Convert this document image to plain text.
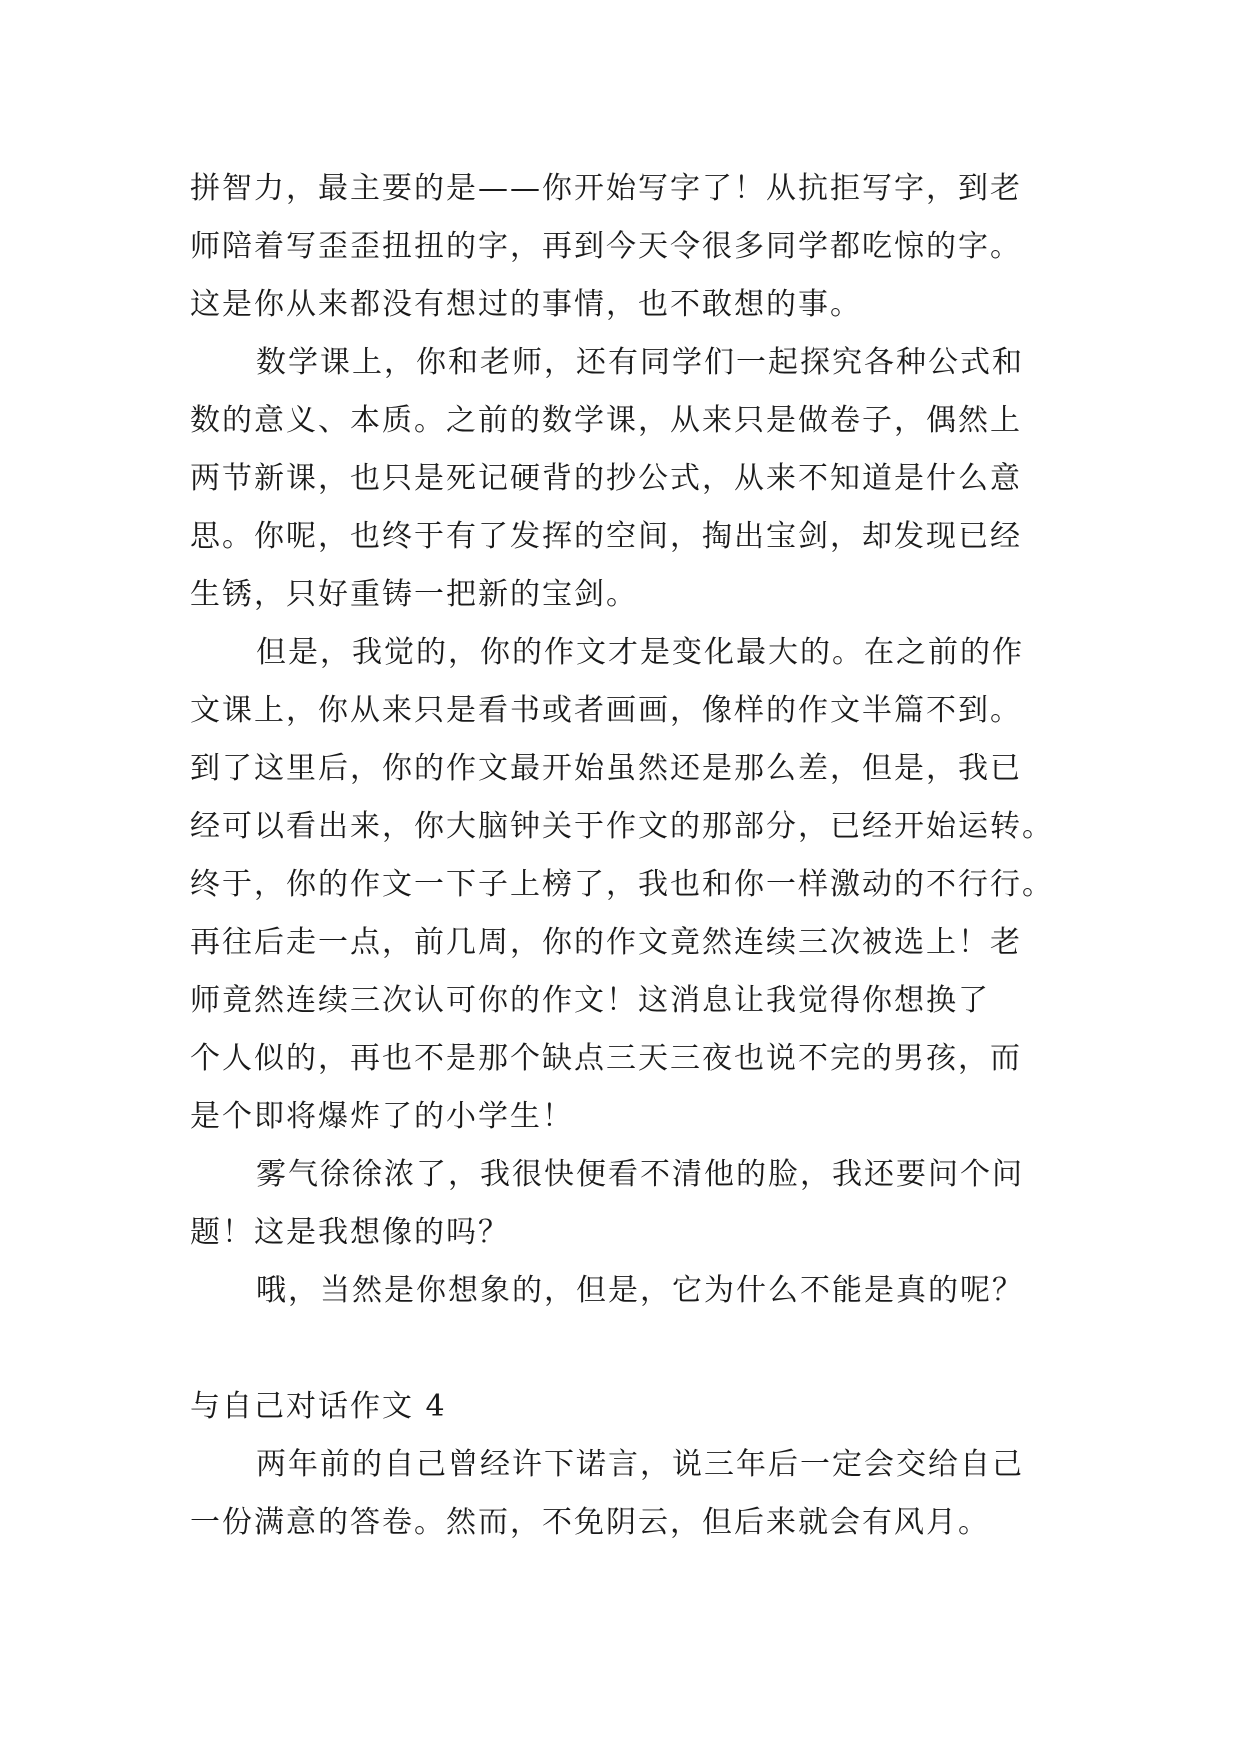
拼智力，最主要的是——你开始写字了！从抗拒写字，到老
师陪着写歪歪扭扭的字，再到今天令很多同学都吃惊的字。
这是你从来都没有想过的事情，也不敢想的事。
数学课上，你和老师，还有同学们一起探究各种公式和
数的意义、本质。之前的数学课，从来只是做卷子，偶然上
两节新课，也只是死记硬背的抄公式，从来不知道是什么意
思。你呢，也终于有了发挥的空间，掏出宝剑，却发现已经
生锈，只好重铸一把新的宝剑。
但是，我觉的，你的作文才是变化最大的。在之前的作
文课上，你从来只是看书或者画画，像样的作文半篇不到。
到了这里后，你的作文最开始虽然还是那么差，但是，我已
经可以看出来，你大脑钟关于作文的那部分，已经开始运转。
终于，你的作文一下子上榜了，我也和你一样激动的不行行。
再往后走一点，前几周，你的作文竟然连续三次被选上！老
师竟然连续三次认可你的作文！这消息让我觉得你想换了
个人似的，再也不是那个缺点三天三夜也说不完的男孩，而
是个即将爆炸了的小学生！
雾气徐徐浓了，我很快便看不清他的脸，我还要问个问
题！这是我想像的吗？
哦，当然是你想象的，但是，它为什么不能是真的呢？
与自己对话作文 4
两年前的自己曾经许下诺言，说三年后一定会交给自己
一份满意的答卷。然而，不免阴云，但后来就会有风月。
